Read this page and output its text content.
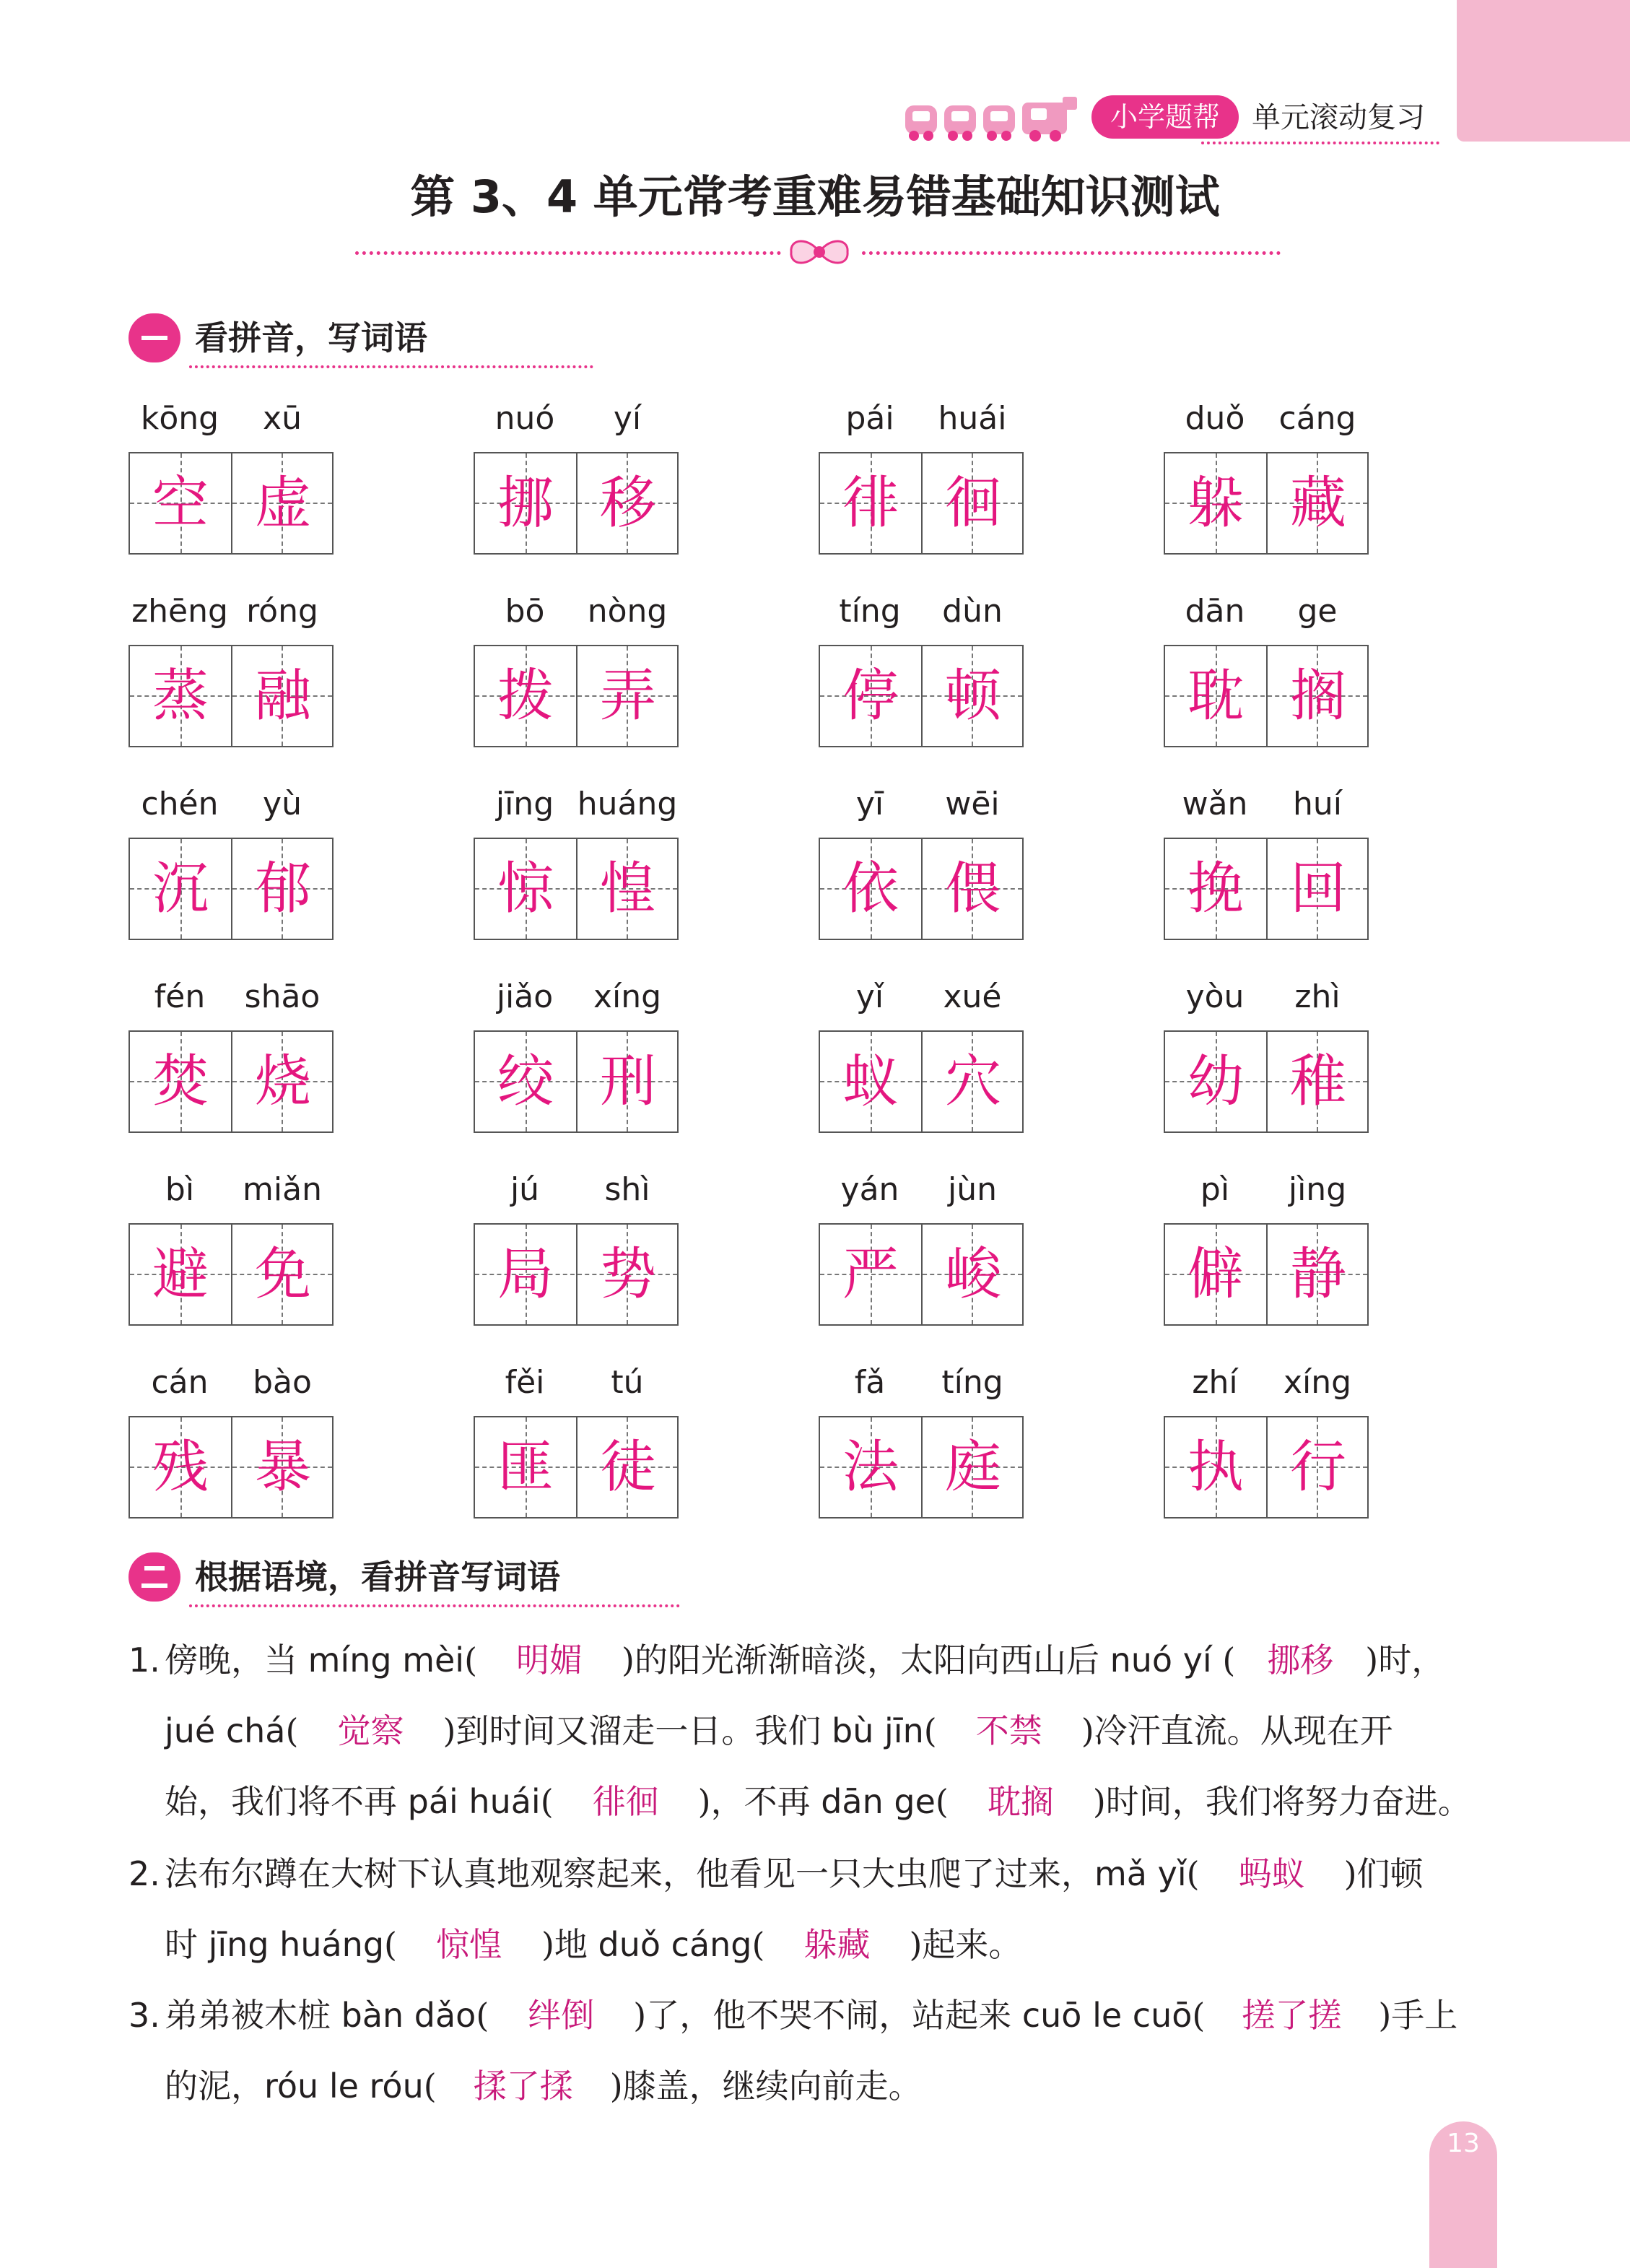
小学题帮	单元滚动复习
第 3、4 单元常考重难易错基础知识测试
看拼音，写词语
kōng	xū
空 虚
nuó	yí
挪 移
pái	huái
徘 徊
duǒ	cáng
躲 藏
zhēng róng
蒸 融
bō	nòng
拨 弄
tíng	dùn
停 顿
dān	ge
耽 搁
chén	yù
沉 郁
jīng huáng
惊 惶
yī	wēi
依 偎
wǎn	huí
挽 回
fén	shāo
焚 烧
jiǎo	xíng
绞 刑
yǐ	xué
蚁 穴
yòu	zhì
幼 稚
bì	miǎn
避 免
jú	shì
局 势
yán	jùn
严 峻
pì	jìng
僻 静
cán	bào
残 暴
fěi	tú
匪 徒
fǎ	tíng
法 庭
zhí	xíng
执 行
根据语境，看拼音写词语
1. 傍晚，当 míng mèi( 明媚 )的阳光渐渐暗淡，太阳向西山后 nuó yí ( 挪移 )时，
jué chá( 觉察 )到时间又溜走一日。我们 bù jīn( 不禁 )冷汗直流。从现在开
始，我们将不再 pái huái( 徘徊 )，不再 dān ge( 耽搁 )时间，我们将努力奋进。
2. 法布尔蹲在大树下认真地观察起来，他看见一只大虫爬了过来，mǎ yǐ( 蚂蚁 )们顿
时 jīng huáng( 惊惶 )地 duǒ cáng( 躲藏 )起来。
3. 弟弟被木桩 bàn dǎo( 绊倒 )了，他不哭不闹，站起来 cuō le cuō( 搓了搓 )手上
的泥，róu le róu( 揉了揉 )膝盖，继续向前走。
13
